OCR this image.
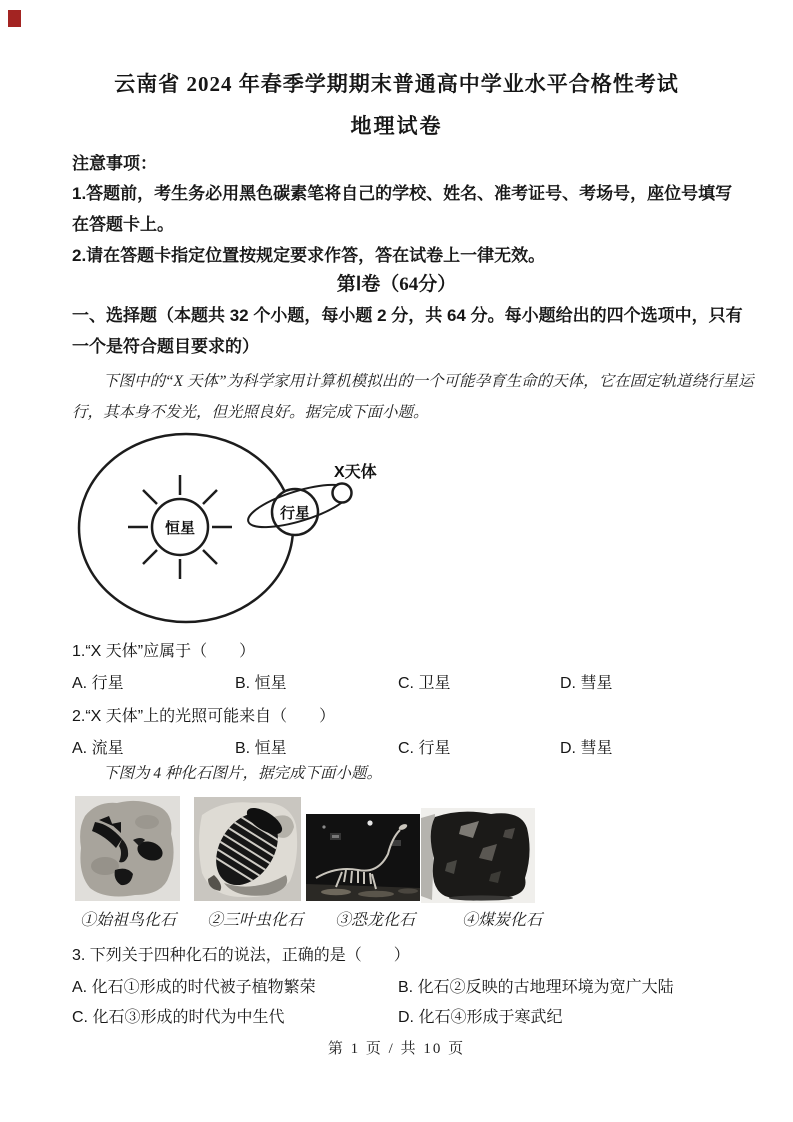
云南省 2024 年春季学期期末普通高中学业水平合格性考试
地理试卷
注意事项：
1.答题前，考生务必用黑色碳素笔将自己的学校、姓名、准考证号、考场号，座位号填写在答题卡上。
2.请在答题卡指定位置按规定要求作答，答在试卷上一律无效。
第Ⅰ卷（64分）
一、选择题（本题共 32 个小题，每小题 2 分，共 64 分。每小题给出的四个选项中，只有一个是符合题目要求的）
下图中的“X 天体”为科学家用计算机模拟出的一个可能孕育生命的天体，它在固定轨道绕行星运行，其本身不发光，但光照良好。据完成下面小题。
恒星
行星
X天体
1.“X 天体”应属于（　　）
A. 行星	B. 恒星	C. 卫星	D. 彗星
2.“X 天体”上的光照可能来自（　　）
A. 流星	B. 恒星	C. 行星	D. 彗星
下图为 4 种化石图片，据完成下面小题。
①始祖鸟化石 ②三叶虫化石 ③恐龙化石	④煤炭化石
3. 下列关于四种化石的说法，正确的是（　　）
A. 化石①形成的时代被子植物繁荣	B. 化石②反映的古地理环境为宽广大陆
C. 化石③形成的时代为中生代	D. 化石④形成于寒武纪
第 1 页 / 共 10 页
